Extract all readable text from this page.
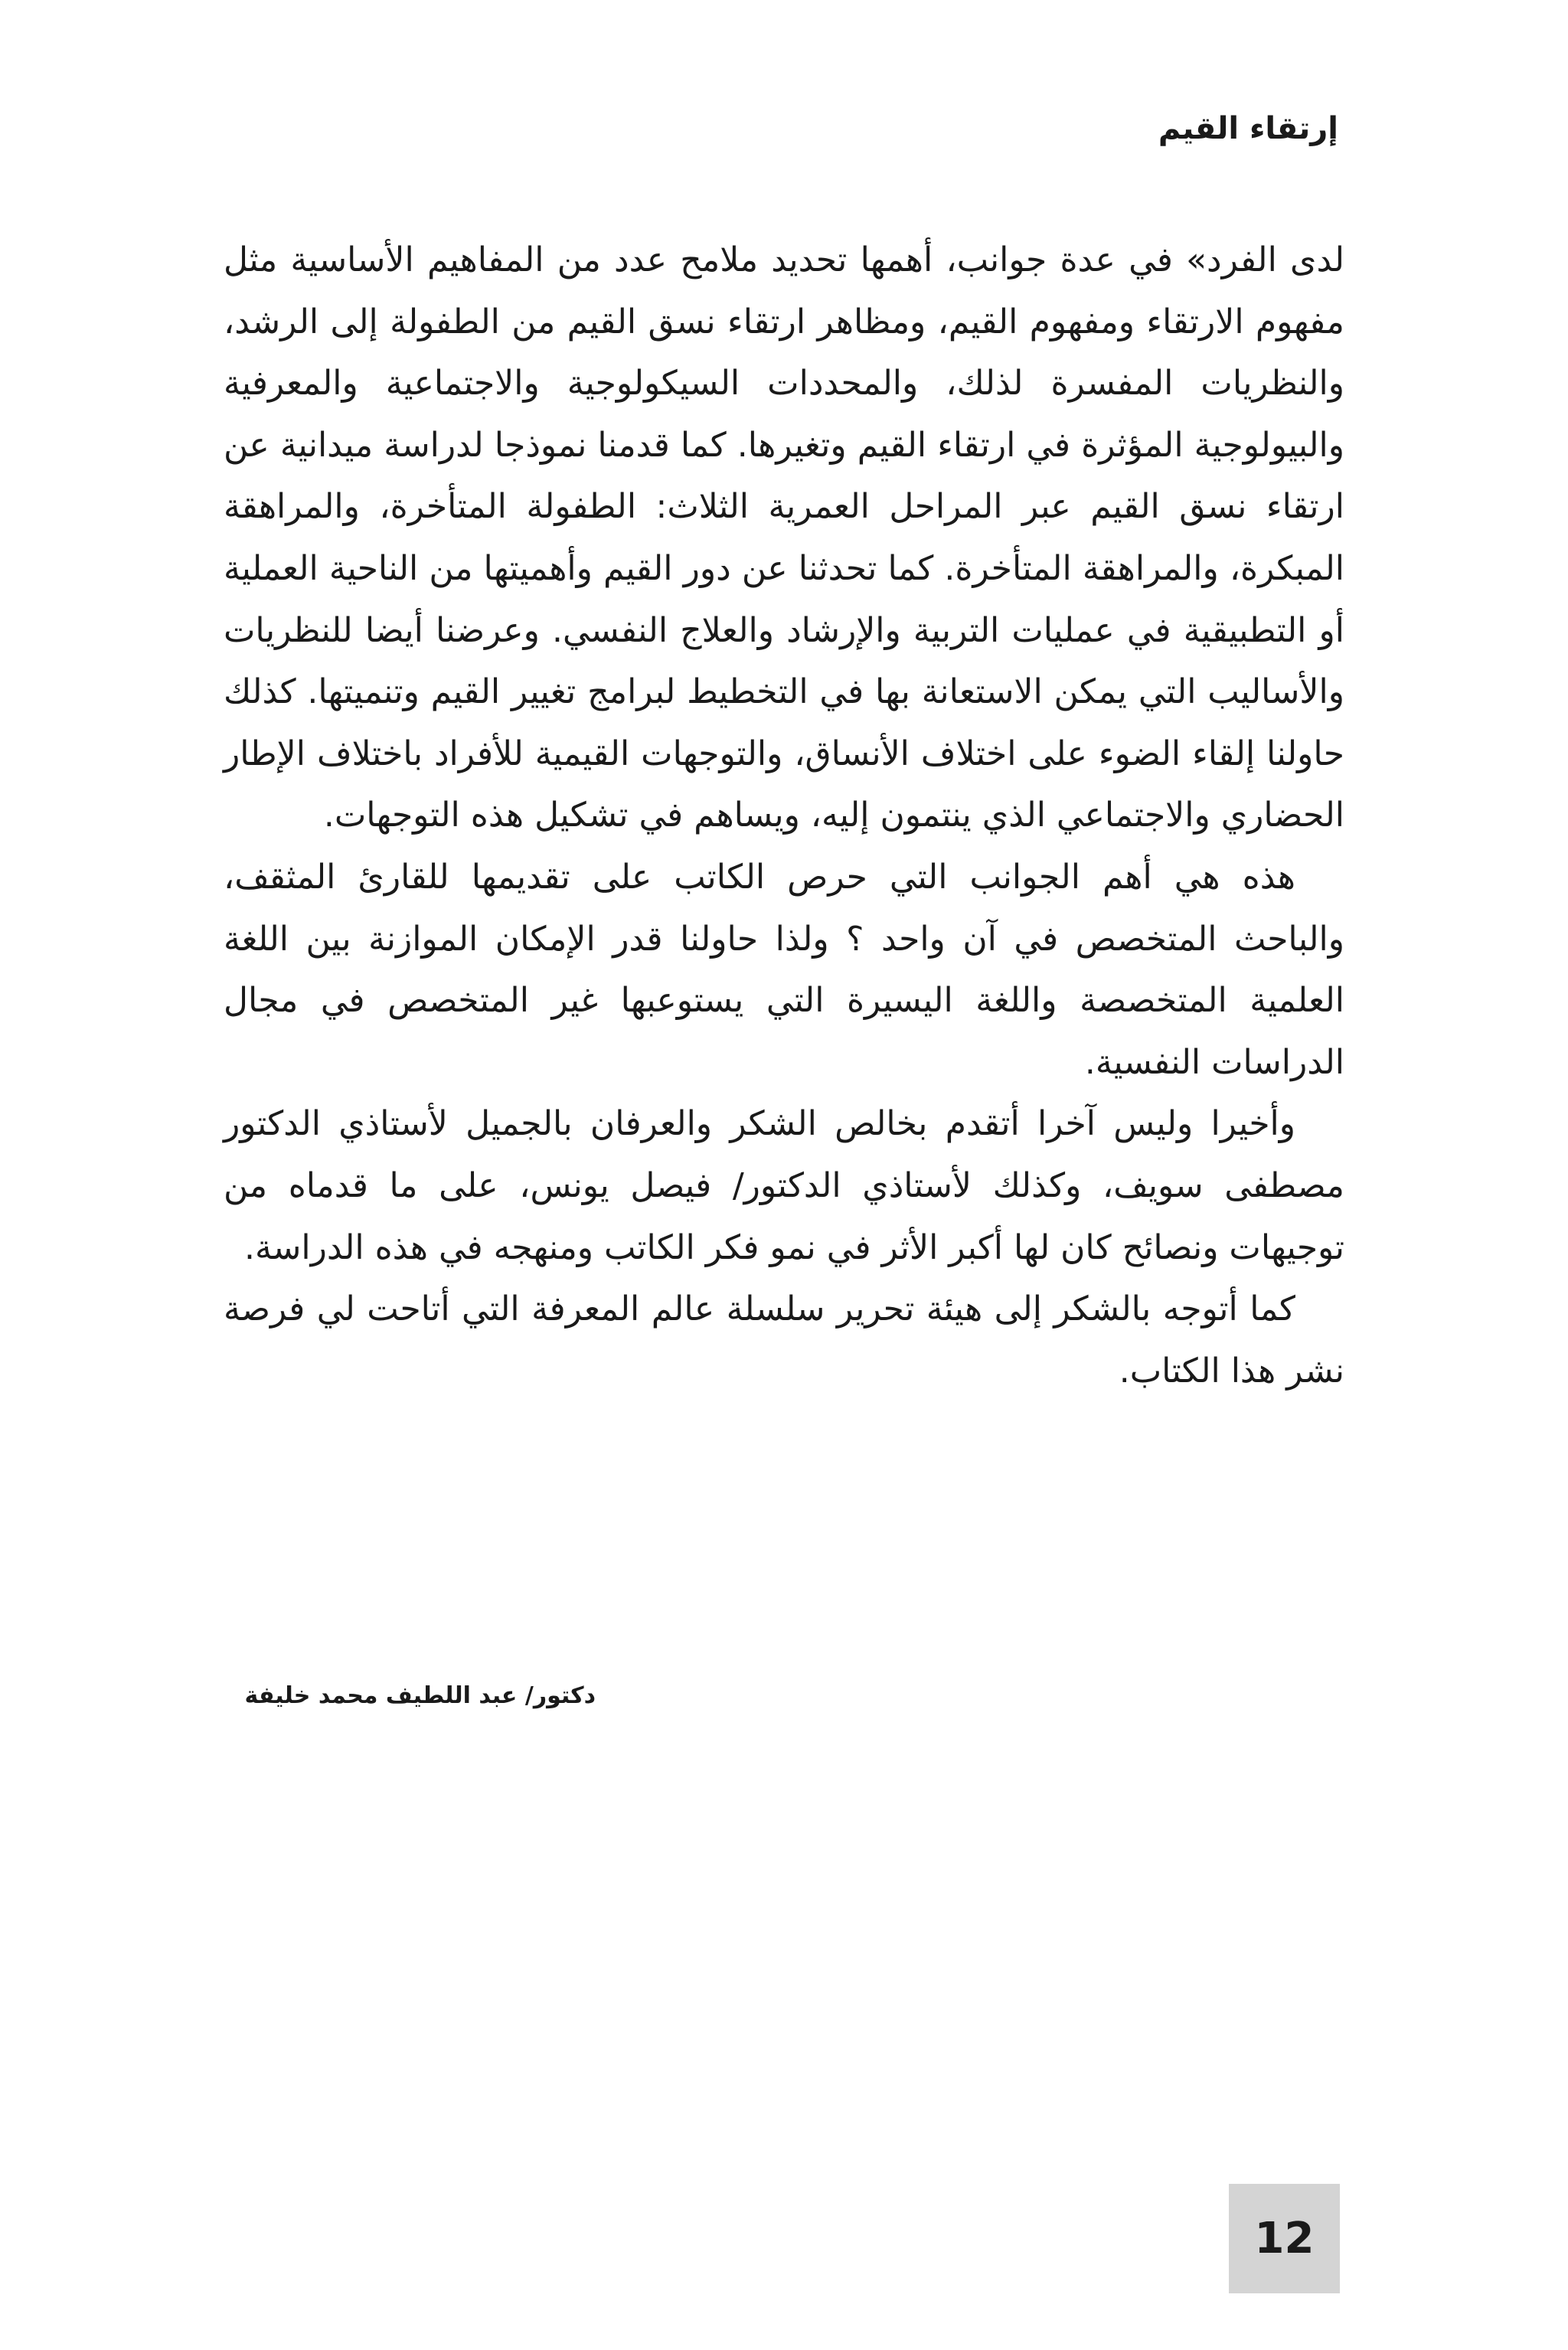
إرتقاء القيم

لدى الفرد» في عدة جوانب، أهمها تحديد ملامح عدد من المفاهيم الأساسية مثل مفهوم الارتقاء ومفهوم القيم، ومظاهر ارتقاء نسق القيم من الطفولة إلى الرشد، والنظريات المفسرة لذلك، والمحددات السيكولوجية والاجتماعية والمعرفية والبيولوجية المؤثرة في ارتقاء القيم وتغيرها. كما قدمنا نموذجا لدراسة ميدانية عن ارتقاء نسق القيم عبر المراحل العمرية الثلاث: الطفولة المتأخرة، والمراهقة المبكرة، والمراهقة المتأخرة. كما تحدثنا عن دور القيم وأهميتها من الناحية العملية أو التطبيقية في عمليات التربية والإرشاد والعلاج النفسي. وعرضنا أيضا للنظريات والأساليب التي يمكن الاستعانة بها في التخطيط لبرامج تغيير القيم وتنميتها. كذلك حاولنا إلقاء الضوء على اختلاف الأنساق، والتوجهات القيمية للأفراد باختلاف الإطار الحضاري والاجتماعي الذي ينتمون إليه، ويساهم في تشكيل هذه التوجهات.

هذه هي أهم الجوانب التي حرص الكاتب على تقديمها للقارئ المثقف، والباحث المتخصص في آن واحد ؟ ولذا حاولنا قدر الإمكان الموازنة بين اللغة العلمية المتخصصة واللغة اليسيرة التي يستوعبها غير المتخصص في مجال الدراسات النفسية.

وأخيرا وليس آخرا أتقدم بخالص الشكر والعرفان بالجميل لأستاذي الدكتور مصطفى سويف، وكذلك لأستاذي الدكتور/ فيصل يونس، على ما قدماه من توجيهات ونصائح كان لها أكبر الأثر في نمو فكر الكاتب ومنهجه في هذه الدراسة.

كما أتوجه بالشكر إلى هيئة تحرير سلسلة عالم المعرفة التي أتاحت لي فرصة نشر هذا الكتاب.

دكتور/ عبد اللطيف محمد خليفة
12
